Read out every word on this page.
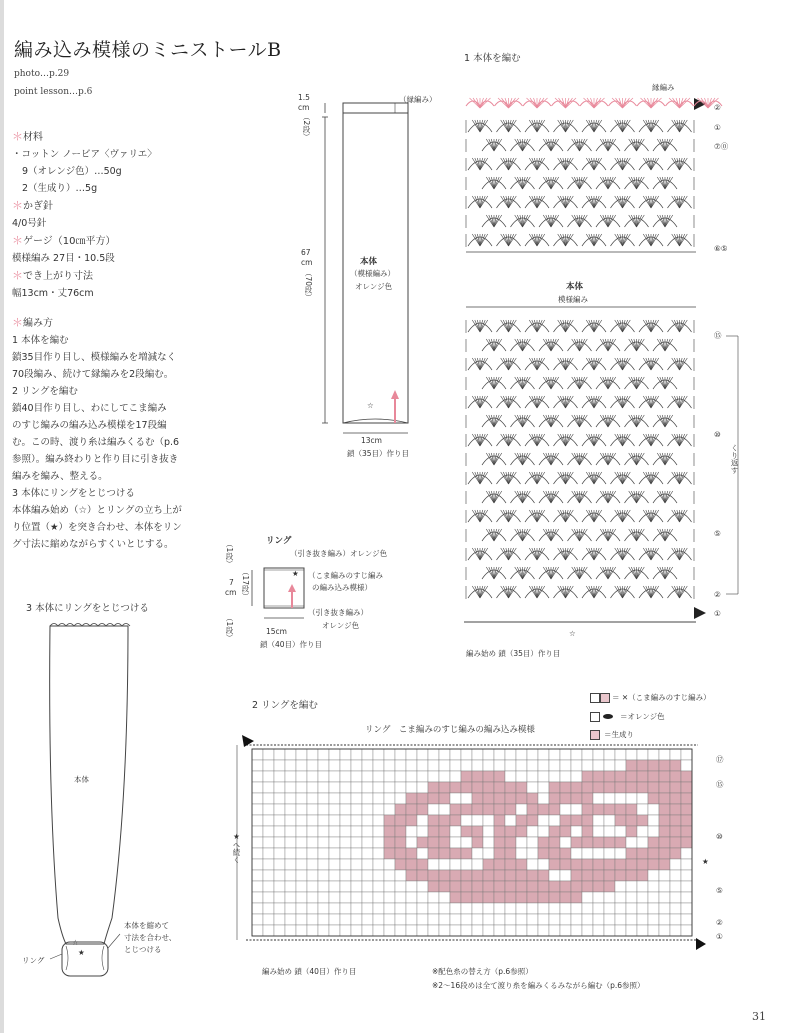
編み込み模様のミニストールB
photo…p.29
point lesson…p.6
＊材料
・コットン ノービア〈ヴァリエ〉
9（オレンジ色）…50g
2（生成り）…5g
＊かぎ針
4/0号針
＊ゲージ（10㎝平方）
模様編み 27目・10.5段
＊でき上がり寸法
幅13cm・丈76cm
＊編み方
1 本体を編む
鎖35目作り目し、模様編みを増減なく
70段編み、続けて縁編みを2段編む。
2 リングを編む
鎖40目作り目し、わにしてこま編み
のすじ編みの編み込み模様を17段編
む。この時、渡り糸は編みくるむ（p.6
参照）。編み終わりと作り目に引き抜き
編みを編み、整える。
3 本体にリングをとじつける
本体編み始め（☆）とリングの立ち上が
り位置（★）を突き合わせ、本体をリン
グ寸法に縮めながらすくいとじする。
（縁編み）
1.5
cm
（2段）
67
cm
（70段）
本体
（模様編み）
オレンジ色
☆
13cm
鎖（35目）作り目
リング
（引き抜き編み）オレンジ色
（こま編みのすじ編み
の編み込み模様）
★
（引き抜き編み）
オレンジ色
（1段）
7
cm （17段）
（1段）	15cm
鎖（40目）作り目
1 本体を編む
縁編み
本体
模様編み
くり返す
☆
編み始め 鎖（35目）作り目
②
①
⑦⓪
⑥⑤
⑮
⑩
⑤
②
①
3 本体にリングをとじつける
本体
☆
★
リング
本体を縮めて
寸法を合わせ、
とじつける
2 リングを編む
リング　こま編みのすじ編みの編み込み模様
＝ ✕（こま編みのすじ編み）
＝オレンジ色
＝生成り
⑰
⑮
⑩
⑤
②
①
★
★へ続く
編み始め 鎖（40目）作り目	※配色糸の替え方（p.6参照）
※2〜16段めは全て渡り糸を編みくるみながら編む（p.6参照）
31
